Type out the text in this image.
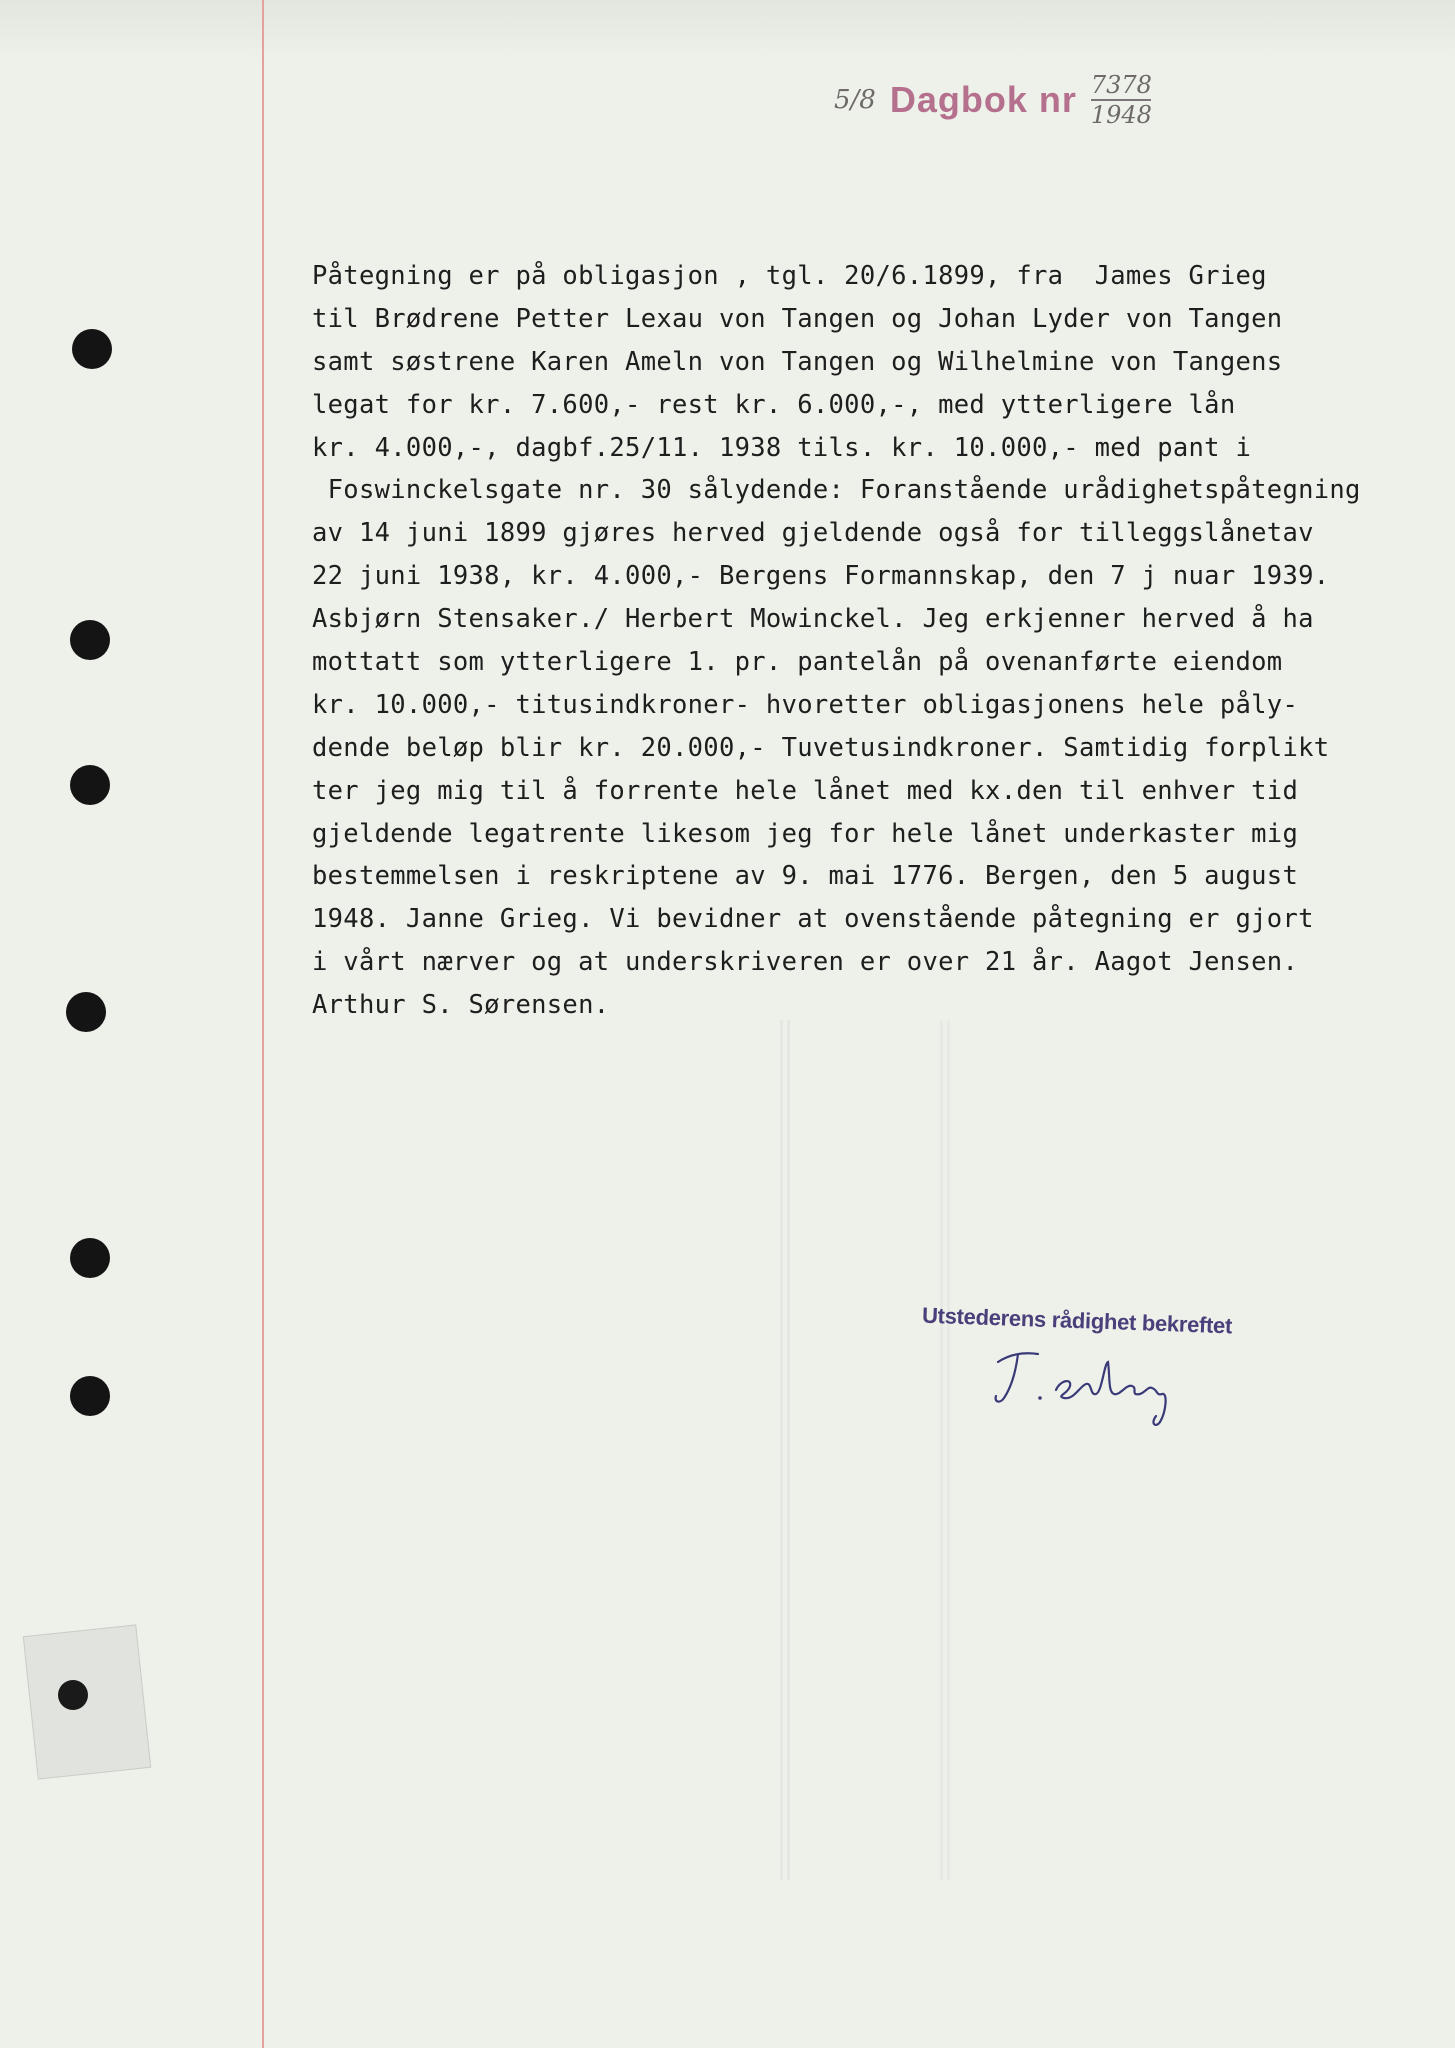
5/8 Dagbok nr 7378
1948
Påtegning er på obligasjon , tgl. 20/6.1899, fra  James Grieg
til Brødrene Petter Lexau von Tangen og Johan Lyder von Tangen
samt søstrene Karen Ameln von Tangen og Wilhelmine von Tangens
legat for kr. 7.600,- rest kr. 6.000,-, med ytterligere lån
kr. 4.000,-, dagbf.25/11. 1938 tils. kr. 10.000,- med pant i
Foswinckelsgate nr. 30 sålydende: Foranstående urådighetspåtegning
av 14 juni 1899 gjøres herved gjeldende også for tilleggslånetav
22 juni 1938, kr. 4.000,- Bergens Formannskap, den 7 j nuar 1939.
Asbjørn Stensaker./ Herbert Mowinckel. Jeg erkjenner herved å ha
mottatt som ytterligere 1. pr. pantelån på ovenanførte eiendom
kr. 10.000,- titusindkroner- hvoretter obligasjonens hele påly-
dende beløp blir kr. 20.000,- Tuvetusindkroner. Samtidig forplikt
ter jeg mig til å forrente hele lånet med kx.den til enhver tid
gjeldende legatrente likesom jeg for hele lånet underkaster mig
bestemmelsen i reskriptene av 9. mai 1776. Bergen, den 5 august
1948. Janne Grieg. Vi bevidner at ovenstående påtegning er gjort
i vårt nærver og at underskriveren er over 21 år. Aagot Jensen.
Arthur S. Sørensen.
Utstederens rådighet bekreftet
